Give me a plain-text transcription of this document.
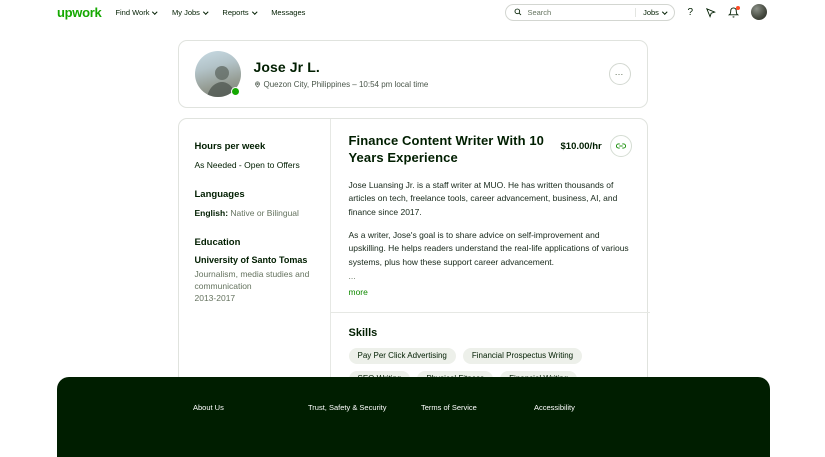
upwork Find Work	My Jobs	Reports	Messages
Search	Jobs	?
Jose Jr L.
Quezon City, Philippines – 10:54 pm local time
…
Hours per week
As Needed - Open to Offers
Languages
English: Native or Bilingual
Education
University of Santo Tomas
Journalism, media studies and communication
2013-2017
Finance Content Writer With 10 Years Experience
$10.00/hr

Jose Luansing Jr. is a staff writer at MUO. He has written thousands of articles on tech, freelance tools, career advancement, business, AI, and finance since 2017.

As a writer, Jose's goal is to share advice on self-improvement and upskilling. He helps readers understand the real-life applications of various systems, plus how these support career advancement.

...
more
Skills
Pay Per Click Advertising	Financial Prospectus Writing
About Us	Trust, Safety & Security	Terms of Service	Accessibility
